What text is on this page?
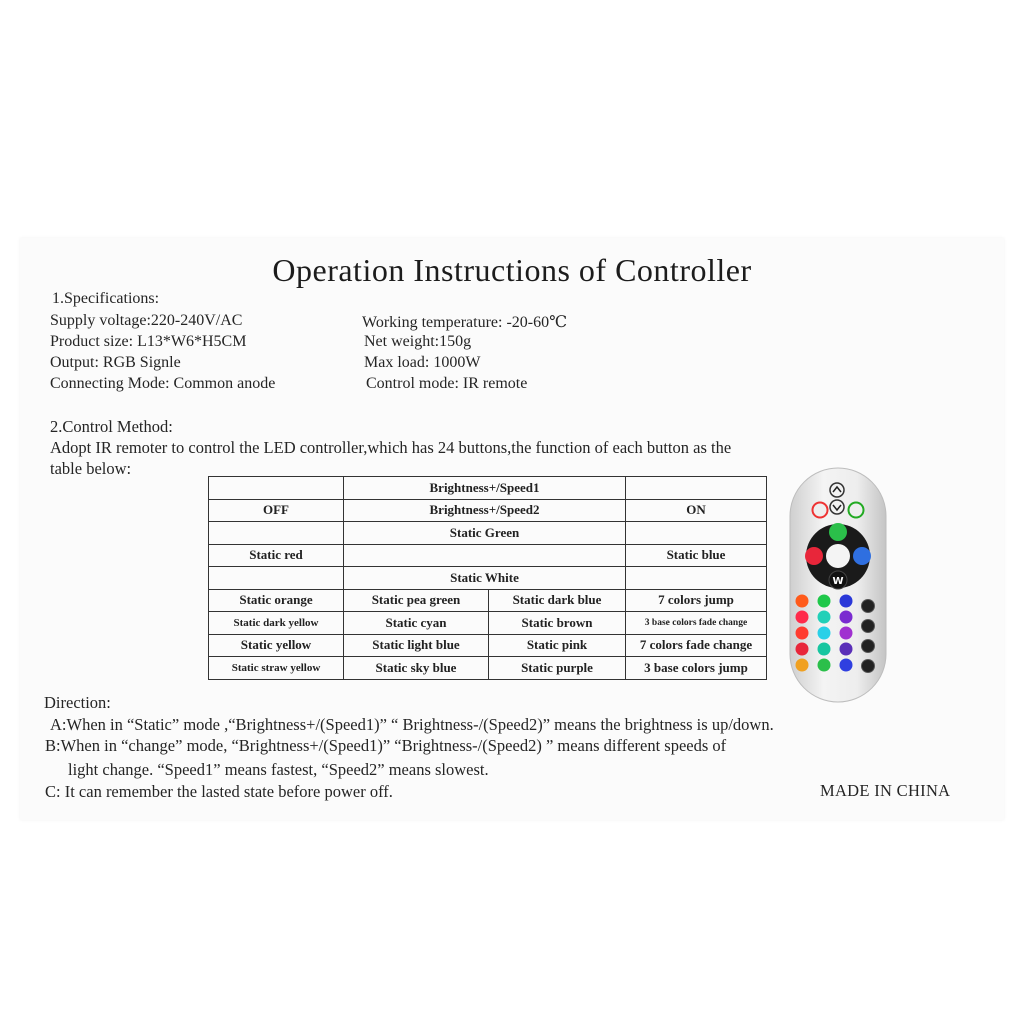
Operation Instructions of Controller
1.Specifications:
Supply voltage:220-240V/AC
Product size: L13*W6*H5CM
Output: RGB Signle
Connecting Mode: Common anode
Working temperature: -20-60℃
Net weight:150g
Max load: 1000W
Control mode: IR remote
2.Control Method:
Adopt IR remoter to control the LED controller,which has 24 buttons,the function of each button as the
table below:
	Brightness+/Speed1		
OFF	Brightness+/Speed2		ON
	Static Green		
Static red			Static blue
	Static White		
Static orange	Static pea green	Static dark blue	7 colors jump
Static dark yellow	Static cyan	Static brown	3 base colors fade change
Static yellow	Static light blue	Static pink	7 colors fade change
Static straw yellow	Static sky blue	Static purple	3 base colors jump
W
Direction:
A:When in “Static” mode ,“Brightness+/(Speed1)” “ Brightness-/(Speed2)” means the brightness is up/down.
B:When in “change” mode, “Brightness+/(Speed1)” “Brightness-/(Speed2) ” means different speeds of
light change. “Speed1” means fastest, “Speed2” means slowest.
C: It can remember the lasted state before power off.	MADE IN CHINA
